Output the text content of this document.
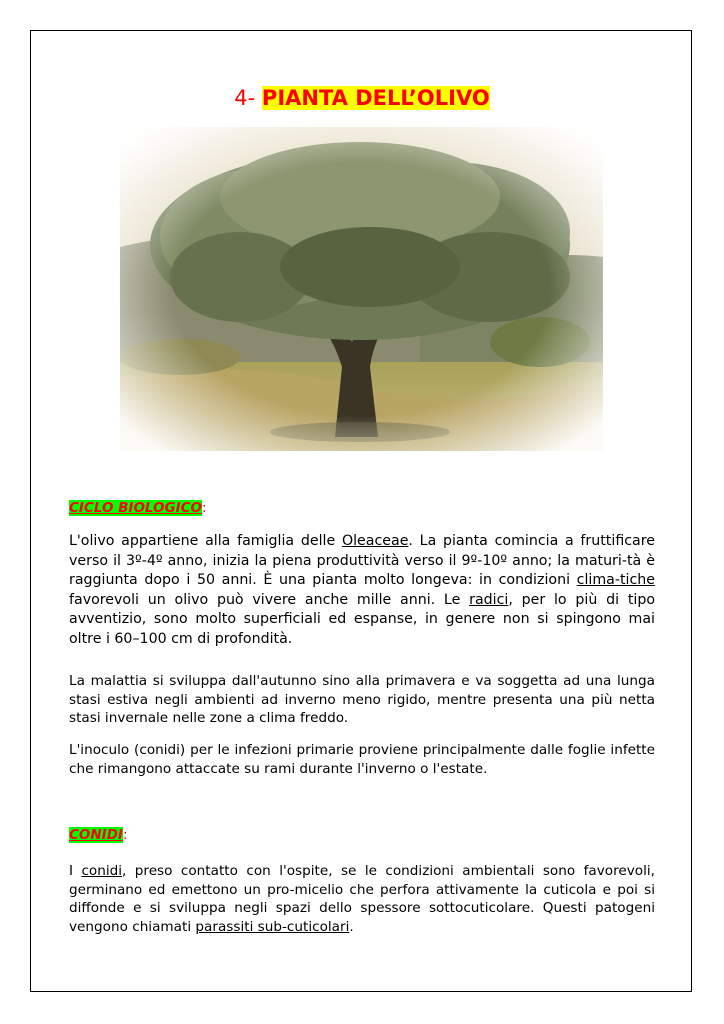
4- PIANTA DELL’OLIVO
CICLO BIOLOGICO:

L'olivo appartiene alla famiglia delle Oleaceae. La pianta comincia a fruttificare verso il 3º-4º anno, inizia la piena produttività verso il 9º-10º anno; la maturi-tà è raggiunta dopo i 50 anni. È una pianta molto longeva: in condizioni clima-tiche favorevoli un olivo può vivere anche mille anni. Le radici, per lo più di tipo avventizio, sono molto superficiali ed espanse, in genere non si spingono mai oltre i 60–100 cm di profondità.

La malattia si sviluppa dall'autunno sino alla primavera e va soggetta ad una lunga stasi estiva negli ambienti ad inverno meno rigido, mentre presenta una più netta stasi invernale nelle zone a clima freddo.

L'inoculo (conidi) per le infezioni primarie proviene principalmente dalle foglie infette che rimangono attaccate su rami durante l'inverno o l'estate.

CONIDI:

I conidi, preso contatto con l'ospite, se le condizioni ambientali sono favorevoli, germinano ed emettono un pro-micelio che perfora attivamente la cuticola e poi si diffonde e si sviluppa negli spazi dello spessore sottocuticolare. Questi patogeni vengono chiamati parassiti sub-cuticolari.
